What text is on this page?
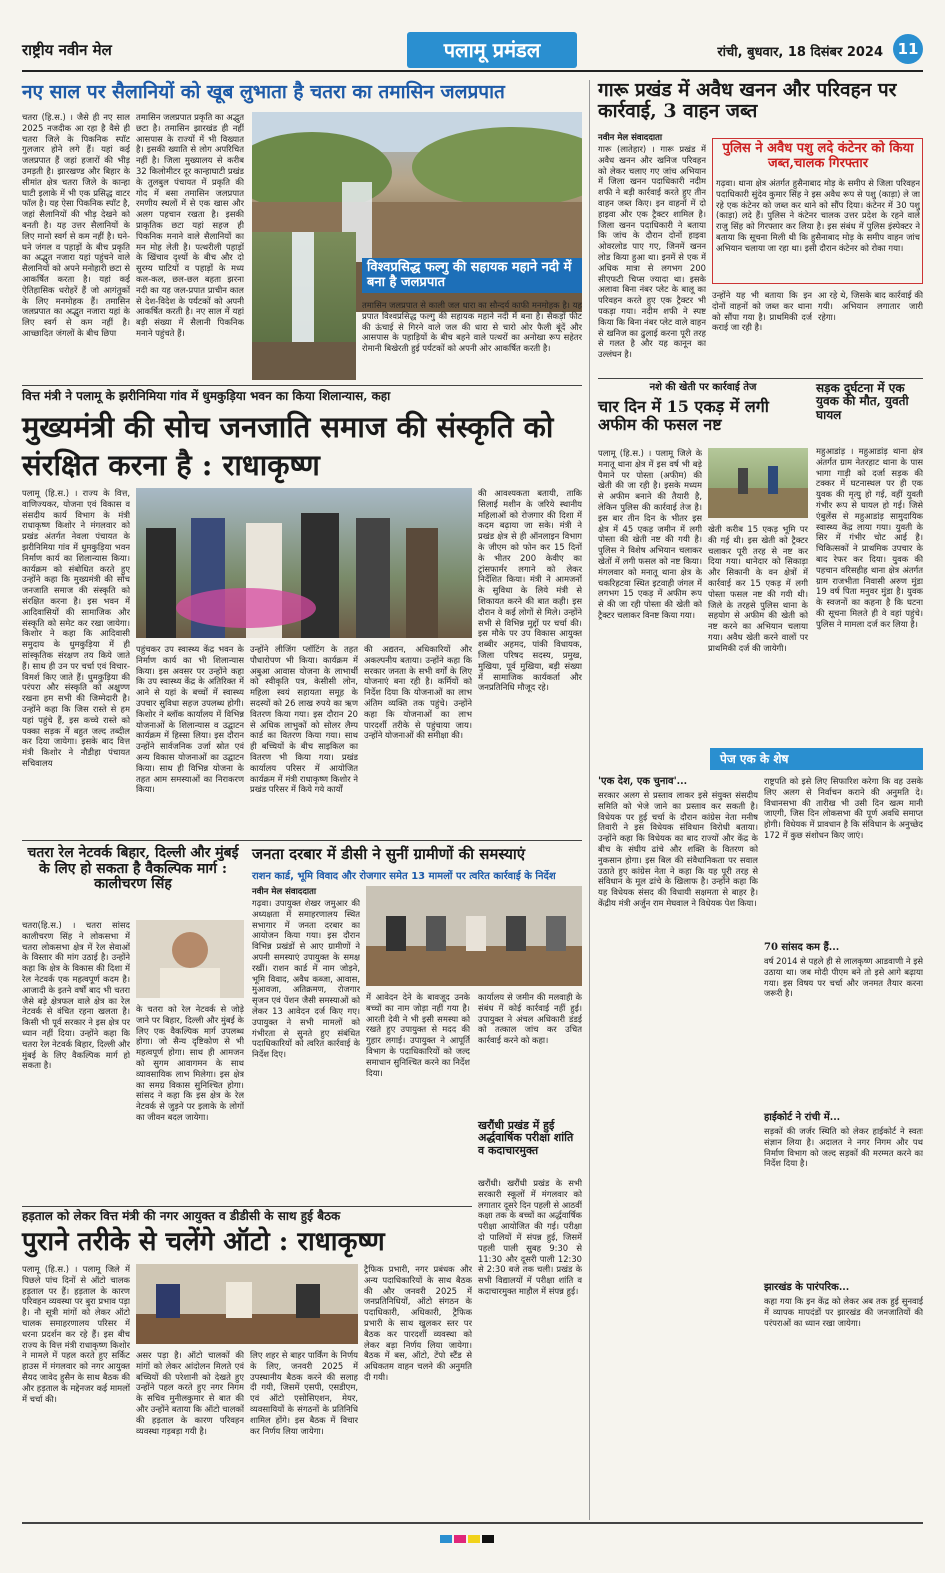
राष्ट्रीय नवीन मेल	पलामू प्रमंडल	रांची, बुधवार, 18 दिसंबर 2024 11
नए साल पर सैलानियों को खूब लुभाता है चतरा का तमासिन जलप्रपात
चतरा (हि.स.) । जैसे ही नए साल 2025 नजदीक आ रहा है वैसे ही चतरा जिले के पिकनिक स्पॉट गुलजार होने लगे हैं। यहां कई जलप्रपात हैं जहां हजारों की भीड़ उमड़ती है। झारखण्ड और बिहार के सीमांत क्षेत्र चतरा जिले के कान्हा घाटी इलाके में भी एक प्रसिद्ध वाटर फॉल है। यह ऐसा पिकनिक स्पॉट है, जहां सैलानियों की भीड़ देखने को बनती है। यह उत्तर सैलानियों के लिए मानो स्वर्ग से कम नहीं है। घने-घने जंगल व पहाड़ों के बीच प्रकृति का अद्भुत नजारा यहां पहुंचने वाले सैलानियों को अपने मनोहारी छटा से आकर्षित करता है। यहां कई ऐतिहासिक धरोहरें हैं जो आगंतुकों के लिए मनमोहक हैं। तमासिन जलप्रपात का अद्भुत नजारा यहां के लिए स्वर्ग से कम नहीं है। आच्छादित जंगलों के बीच छिपा
तमासिन जलप्रपात प्रकृति का अद्भुत छटा है। तमासिन झारखंड ही नहीं आसपास के राज्यों में भी विख्यात है। इसकी ख्याति से लोग अपरिचित नहीं है। जिला मुख्यालय से करीब 32 किलोमीटर दूर कान्हाघाटी प्रखंड के तुलबुल पंचायत में प्रकृति की गोद में बसा तमासिन जलप्रपात रमणीय स्थलों में से एक खास और अलग पहचान रखता है। इसकी प्राकृतिक छटा यहां सहज ही पिकनिक मनाने वाले सैलानियों का मन मोह लेती है। पत्थरीली पहाड़ों के खिंचाव दृश्यों के बीच और दो सुरम्य घाटियों व पहाड़ों के मध्य कल-कल, छल-छल बहता झरना नदी का यह जल-प्रपात प्राचीन काल से देश-विदेश के पर्यटकों को अपनी आकर्षित करती है। नए साल में यहां बड़ी संख्या में सैलानी पिकनिक मनाने पहुंचते हैं।
विश्वप्रसिद्ध फल्गु की सहायक महाने नदी में बना है जलप्रपात
तमासिन जलप्रपात से काली जल धारा का सौन्दर्य काफी मनमोहक है। यह प्रपात विश्वप्रसिद्ध फल्गु की सहायक महाने नदी में बना है। सैकड़ों फीट की ऊंचाई से गिरने वाले जल की धारा से चारो ओर फैली बूंदें और आसपास के पहाड़ियों के बीच बहने वाले पत्थरों का अनोखा रूप सहेतर रोमानी बिखेरती हुई पर्यटकों को अपनी ओर आकर्षित करती है।
वित्त मंत्री ने पलामू के झरीनिमिया गांव में धुमकुड़िया भवन का किया शिलान्यास, कहा
मुख्यमंत्री की सोच जनजाति समाज की संस्कृति को संरक्षित करना है : राधाकृष्ण
पलामू (हि.स.) । राज्य के वित्त, वाणिज्यकर, योजना एवं विकास व संसदीय कार्य विभाग के मंत्री राधाकृष्ण किशोर ने मंगलवार को प्रखंड अंतर्गत नेवला पंचायत के झरीनिमिया गांव में धुमकुड़िया भवन निर्माण कार्य का शिलान्यास किया। कार्यक्रम को संबोधित करते हुए उन्होंने कहा कि मुख्यमंत्री की सोच जनजाति समाज की संस्कृति को संरक्षित करना है। इस भवन में आदिवासियों की सामाजिक और संस्कृति को समेट कर रखा जायेगा। किशोर ने कहा कि आदिवासी समुदाय के धुमकुड़िया में ही सांस्कृतिक संरक्षण तय किये जाते हैं। साथ ही उन पर चर्चा एवं विचार-विमर्श किए जाते हैं। धुमकुड़िया की परंपरा और संस्कृति को अक्षुण्ण रखना हम सभी की जिम्मेदारी है। उन्होंने कहा कि जिस रास्ते से हम यहां पहुंचे हैं, इस कच्चे रास्ते को पक्का सड़क में बहुत जल्द तब्दील कर दिया जायेगा। इसके बाद वित्त मंत्री किशोर ने नौडीहा पंचायत सचिवालय
पहुंचकर उप स्वास्थ्य केंद्र भवन के निर्माण कार्य का भी शिलान्यास किया। इस अवसर पर उन्होंने कहा कि उप स्वास्थ्य केंद्र के अतिरिक्त में आने से यहां के बच्चों में स्वास्थ्य उपचार सुविधा सहज उपलब्ध होगी। किशोर ने ब्लॉक कार्यालय में विभिन्न योजनाओं के शिलान्यास व उद्घाटन कार्यक्रम में हिस्सा लिया। इस दौरान उन्होंने सार्वजनिक उर्जा स्रोत एवं अन्य विकास योजनाओं का उद्घाटन किया। साथ ही विभिन्न योजना के तहत आम समस्याओं का निराकरण किया।
उन्होंने लीजिंग प्लॉटिंग के तहत पौधारोपण भी किया। कार्यक्रम में अबुआ आवास योजना के लाभार्थी को स्वीकृति पत्र, केसीसी लोन, महिला स्वयं सहायता समूह के सदस्यों को 26 लाख रुपये का ऋण वितरण किया गया। इस दौरान 20 से अधिक लाभुकों को सोलर लैम्प कार्ड का वितरण किया गया। साथ ही बच्चियों के बीच साइकिल का वितरण भी किया गया। प्रखंड कार्यालय परिसर में आयोजित कार्यक्रम में मंत्री राधाकृष्ण किशोर ने प्रखंड परिसर में किये गये कार्यों
की अद्यतन, अधिकारियों और अकल्पनीय बताया। उन्होंने कहा कि सरकार जनता के सभी वर्गों के लिए योजनाएं बना रही है। कर्मियों को निर्देश दिया कि योजनाओं का लाभ अंतिम व्यक्ति तक पहुंचे। उन्होंने कहा कि योजनाओं का लाभ पारदर्शी तरीके से पहुंचाया जाय। उन्होंने योजनाओं की समीक्षा की।
की आवश्यकता बतायी, ताकि सिलाई मशीन के जरिये स्थानीय महिलाओं को रोजगार की दिशा में कदम बढ़ाया जा सके। मंत्री ने प्रखंड क्षेत्र से ही ऑनलाइन विभाग के जीएम को फोन कर 15 दिनों के भीतर 200 केवीए का ट्रांसफार्मर लगाने को लेकर निर्देशित किया। मंत्री ने आमजनों के सुविधा के लिये मंत्री से शिकायत करने की बात कही। इस दौरान वे कई लोगों से मिले। उन्होंने सभी से विभिन्न मुद्दों पर चर्चा की। इस मौके पर उप विकास आयुक्त शब्बीर अहमद, पांकी विधायक, जिला परिषद सदस्य, प्रमुख, मुखिया, पूर्व मुखिया, बड़ी संख्या में सामाजिक कार्यकर्ता और जनप्रतिनिधि मौजूद रहे।
चतरा रेल नेटवर्क बिहार, दिल्ली और मुंबई के लिए हो सकता है वैकल्पिक मार्ग : कालीचरण सिंह
चतरा(हि.स.) । चतरा सांसद कालीचरण सिंह ने लोकसभा में चतरा लोकसभा क्षेत्र में रेल सेवाओं के विस्तार की मांग उठाई है। उन्होंने कहा कि क्षेत्र के विकास की दिशा में रेल नेटवर्क एक महत्वपूर्ण कदम है। आजादी के इतने वर्षों बाद भी चतरा जैसे बड़े क्षेत्रफल वाले क्षेत्र का रेल नेटवर्क से वंचित रहना खलता है। किसी भी पूर्व सरकार ने इस क्षेत्र पर ध्यान नहीं दिया। उन्होंने कहा कि चतरा रेल नेटवर्क बिहार, दिल्ली और मुंबई के लिए वैकल्पिक मार्ग हो सकता है।
के चतरा को रेल नेटवर्क से जोड़े जाने पर बिहार, दिल्ली और मुंबई के लिए एक वैकल्पिक मार्ग उपलब्ध होगा। जो सैन्य दृष्टिकोण से भी महत्वपूर्ण होगा। साथ ही आमजन को सुगम आवागमन के साथ व्यावसायिक लाभ मिलेगा। इस क्षेत्र का समग्र विकास सुनिश्चित होगा। सांसद ने कहा कि इस क्षेत्र के रेल नेटवर्क से जुड़ने पर इलाके के लोगों का जीवन बदल जायेगा।
जनता दरबार में डीसी ने सुनीं ग्रामीणों की समस्याएं
राशन कार्ड, भूमि विवाद और रोजगार समेत 13 मामलों पर त्वरित कार्रवाई के निर्देश
नवीन मेल संवाददाता
गढ़वा। उपायुक्त शेखर जमुआर की अध्यक्षता में समाहरणालय स्थित सभागार में जनता दरबार का आयोजन किया गया। इस दौरान विभिन्न प्रखंडों से आए ग्रामीणों ने अपनी समस्याएं उपायुक्त के समक्ष रखीं। राशन कार्ड में नाम जोड़ने, भूमि विवाद, अवैध कब्जा, आवास, मुआवजा, अतिक्रमण, रोजगार सृजन एवं पेंशन जैसी समस्याओं को लेकर 13 आवेदन दर्ज किए गए। उपायुक्त ने सभी मामलों को गंभीरता से सुनते हुए संबंधित पदाधिकारियों को त्वरित कार्रवाई के निर्देश दिए।
में आवेदन देने के बावजूद उनके बच्चों का नाम जोड़ा नहीं गया है। आरती देवी ने भी इसी समस्या को रखते हुए उपायुक्त से मदद की गुहार लगाई। उपायुक्त ने आपूर्ति विभाग के पदाधिकारियों को जल्द समाधान सुनिश्चित करने का निर्देश दिया।
कार्यालय से जमीन की मलवाही के संबंध में कोई कार्रवाई नहीं हुई। उपायुक्त ने अंचल अधिकारी डंडई को तत्काल जांच कर उचित कार्रवाई करने को कहा।
खरौंधी प्रखंड में हुई अर्द्धवार्षिक परीक्षा शांति व कदाचारमुक्त
खरौंधी। खरौंधी प्रखंड के सभी सरकारी स्कूलों में मंगलवार को लगातार दूसरे दिन पहली से आठवीं कक्षा तक के बच्चों का अर्द्धवार्षिक परीक्षा आयोजित की गई। परीक्षा दो पालियों में संपन्न हुई, जिसमें पहली पाली सुबह 9:30 से 11:30 और दूसरी पाली 12:30 से 2:30 बजे तक चली। प्रखंड के सभी विद्यालयों में परीक्षा शांति व कदाचारमुक्त माहौल में संपन्न हुई।
हड़ताल को लेकर वित्त मंत्री की नगर आयुक्त व डीडीसी के साथ हुई बैठक
पुराने तरीके से चलेंगे ऑटो : राधाकृष्ण
पलामू (हि.स.) । पलामू जिले में पिछले पांच दिनों से ऑटो चालक हड़ताल पर हैं। हड़ताल के कारण परिवहन व्यवस्था पर बुरा प्रभाव पड़ा है। नौ सूत्री मांगों को लेकर ऑटो चालक समाहरणालय परिसर में धरना प्रदर्शन कर रहे हैं। इस बीच राज्य के वित्त मंत्री राधाकृष्ण किशोर ने मामले में पहल करते हुए सर्किट हाउस में मंगलवार को नगर आयुक्त सैयद जावेद हुसैन के साथ बैठक की और हड़ताल के मद्देनजर कई मामलों में चर्चा की।
असर पड़ा है। ऑटो चालकों की मांगों को लेकर आंदोलन मिलते एवं बच्चियों की परेशानी को देखते हुए उन्होंने पहल करते हुए नगर निगम के सचिव मुनीलकुमार से बात की और उन्होंने बताया कि ऑटो चालकों की हड़ताल के कारण परिवहन व्यवस्था गड़बड़ा गयी है।
लिए शहर से बाहर पार्किंग के निर्णय के लिए, जनवरी 2025 में उपस्थानीय बैठक करने की सलाह दी गयी, जिसमें एसपी, एसडीएम, एवं ऑटो एसोसिएशन, मेयर, व्यवसायियों के संगठनों के प्रतिनिधि शामिल होंगे। इस बैठक में विचार कर निर्णय लिया जायेगा।
ट्रैफिक प्रभारी, नगर प्रबंधक और अन्य पदाधिकारियों के साथ बैठक की और जनवरी 2025 में जनप्रतिनिधियों, ऑटो संगठन के पदाधिकारी, अधिकारी, ट्रैफिक प्रभारी के साथ खुलकर स्तर पर बैठक कर पारदर्शी व्यवस्था को लेकर बड़ा निर्णय लिया जायेगा। बैठक में बस, ऑटो, टेंपो स्टैंड से अधिकतम वाहन चलने की अनुमति दी गयी।
गारू प्रखंड में अवैध खनन और परिवहन पर कार्रवाई, 3 वाहन जब्त
नवीन मेल संवाददाता
गारू (लातेहार) । गारू प्रखंड में अवैध खनन और खनिज परिवहन को लेकर चलाए गए जांच अभियान में जिला खनन पदाधिकारी नदीम शफी ने बड़ी कार्रवाई करते हुए तीन वाहन जब्त किए। इन वाहनों में दो हाइवा और एक ट्रैक्टर शामिल है। जिला खनन पदाधिकारी ने बताया कि जांच के दौरान दोनों हाइवा ओवरलोड पाए गए, जिनमें खनन लोड किया हुआ था। इनमें से एक में अधिक मात्रा से लगभग 200 सीएफटी चिप्स ज्यादा था। इसके अलावा बिना नंबर प्लेट के बालू का परिवहन करते हुए एक ट्रैक्टर भी पकड़ा गया। नदीम शफी ने स्पष्ट किया कि बिना नंबर प्लेट वाले वाहन से खनिज का ढुलाई करना पूरी तरह से गलत है और यह कानून का उल्लंघन है।
पुलिस ने अवैध पशु लदे कंटेनर को किया जब्त,चालक गिरफ्तार
गढ़वा। थाना क्षेत्र अंतर्गत हुसैनाबाद मोड़ के समीप से जिला परिवहन पदाधिकारी सुंदेव कुमार सिंह ने इस अवैध रूप से पशु (काड़ा) ले जा रहे एक कंटेनर को जब्त कर थाने को सौंप दिया। कंटेनर में 30 पशु (काड़ा) लदे हैं। पुलिस ने कंटेनर चालक उत्तर प्रदेश के रहने वाले राजु सिंह को गिरफ्तार कर लिया है। इस संबंध में पुलिस इंस्पेक्टर ने बताया कि सूचना मिली थी कि हुसैनाबाद मोड़ के समीप वाहन जांच अभियान चलाया जा रहा था। इसी दौरान कंटेनर को रोका गया।
उन्होंने यह भी बताया कि इन दोनों वाहनों को जब्त कर थाना को सौंपा गया है। प्राथमिकी दर्ज कराई जा रही है।
आ रहे थे, जिसके बाद कार्रवाई की गयी। अभियान लगातार जारी रहेगा।
नशे की खेती पर कार्रवाई तेज
चार दिन में 15 एकड़ में लगी अफीम की फसल नष्ट
पलामू (हि.स.) । पलामू जिले के मनातू थाना क्षेत्र में इस वर्ष भी बड़े पैमाने पर पोस्ता (अफीम) की खेती की जा रही है। इसके मध्यम से अफीम बनाने की तैयारी है, लेकिन पुलिस की कार्रवाई तेज है। इस बार तीन दिन के भीतर इस क्षेत्र में 45 एकड़ जमीन में लगी पोस्ता की खेती नष्ट की गयी है। पुलिस ने विशेष अभियान चलाकर खेतों में लगी फसल को नष्ट किया। मंगलवार को मनातू थाना क्षेत्र के चकरिहटवा स्थित इटवाही जंगल में लगभग 15 एकड़ में अफीम रूप से की जा रही पोस्ता की खेती को ट्रैक्टर चलाकर विनष्ट किया गया।
खेती करीब 15 एकड़ भूमि पर की गई थी। इस खेती को ट्रैक्टर चलाकर पूरी तरह से नष्ट कर दिया गया। थानेदार को सिकाड़ा और सिकानी के वन क्षेत्रों में कार्रवाई कर 15 एकड़ में लगी पोस्ता फसल नष्ट की गयी थी। जिले के तरहसे पुलिस थाना के सहयोग से अफीम की खेती को नष्ट करने का अभियान चलाया गया। अवैध खेती करने वालों पर प्राथमिकी दर्ज की जायेगी।
सड़क दुर्घटना में एक युवक की मौत, युवती घायल
महुआडांड़ । महुआडांड़ थाना क्षेत्र अंतर्गत ग्राम नेतरहाट थाना के पास भागा गाड़ी को दर्जा सड़क की टक्कर में घटनास्थल पर ही एक युवक की मृत्यु हो गई, वहीं युवती गंभीर रूप से घायल हो गई। जिसे एंबुलेंस से महुआडांड़ सामुदायिक स्वास्थ्य केंद्र लाया गया। युवती के सिर में गंभीर चोट आई है। चिकित्सकों ने प्राथमिक उपचार के बाद रेफर कर दिया। युवक की पहचान वरिसहीह थाना क्षेत्र अंतर्गत ग्राम राजभीता निवासी अरुण मुंडा 19 वर्ष पिता मनुवर मुंडा है। युवक के स्वजनों का कहना है कि घटना की सूचना मिलते ही वे वहां पहुंचे। पुलिस ने मामला दर्ज कर लिया है।
पेज एक के शेष
'एक देश, एक चुनाव'...
सरकार अलग से प्रस्ताव लाकर इसे संयुक्त संसदीय समिति को भेजे जाने का प्रस्ताव कर सकती है। विधेयक पर हुई चर्चा के दौरान कांग्रेस नेता मनीष तिवारी ने इस विधेयक संविधान विरोधी बताया। उन्होंने कहा कि विधेयक का बाद राज्यों और केंद्र के बीच के संघीय ढांचे और शक्ति के वितरण को नुकसान होगा। इस बिल की संवैधानिकता पर सवाल उठाते हुए कांग्रेस नेता ने कहा कि यह पूरी तरह से संविधान के मूल ढांचे के खिलाफ है। उन्होंने कहा कि यह विधेयक संसद की विधायी सक्षमता से बाहर है। केंद्रीय मंत्री अर्जुन राम मेघवाल ने विधेयक पेश किया।
राष्ट्रपति को इसे लिए सिफारिश करेगा कि वह उसके लिए अलग से निर्वाचन कराने की अनुमति दे। विधानसभा की तारीख भी उसी दिन खत्म मानी जाएगी, जिस दिन लोकसभा की पूर्ण अवधि समाप्त होगी। विधेयक में प्रावधान है कि संविधान के अनुच्छेद 172 में कुछ संशोधन किए जाएं।
70 सांसद कम हैं...
वर्ष 2014 से पहले ही से लालकृष्ण आडवाणी ने इसे उठाया था। जब मोदी पीएम बने तो इसे आगे बढ़ाया गया। इस विषय पर चर्चा और जनमत तैयार करना जरूरी है।
हाईकोर्ट ने रांची में...
सड़कों की जर्जर स्थिति को लेकर हाईकोर्ट ने स्वतः संज्ञान लिया है। अदालत ने नगर निगम और पथ निर्माण विभाग को जल्द सड़कों की मरम्मत करने का निर्देश दिया है।
झारखंड के पारंपरिक...
कहा गया कि इन केंद्र को लेकर अब तक हुई सुनवाई में व्यापक मापदंडों पर झारखंड की जनजातियों की परंपराओं का ध्यान रखा जायेगा।
